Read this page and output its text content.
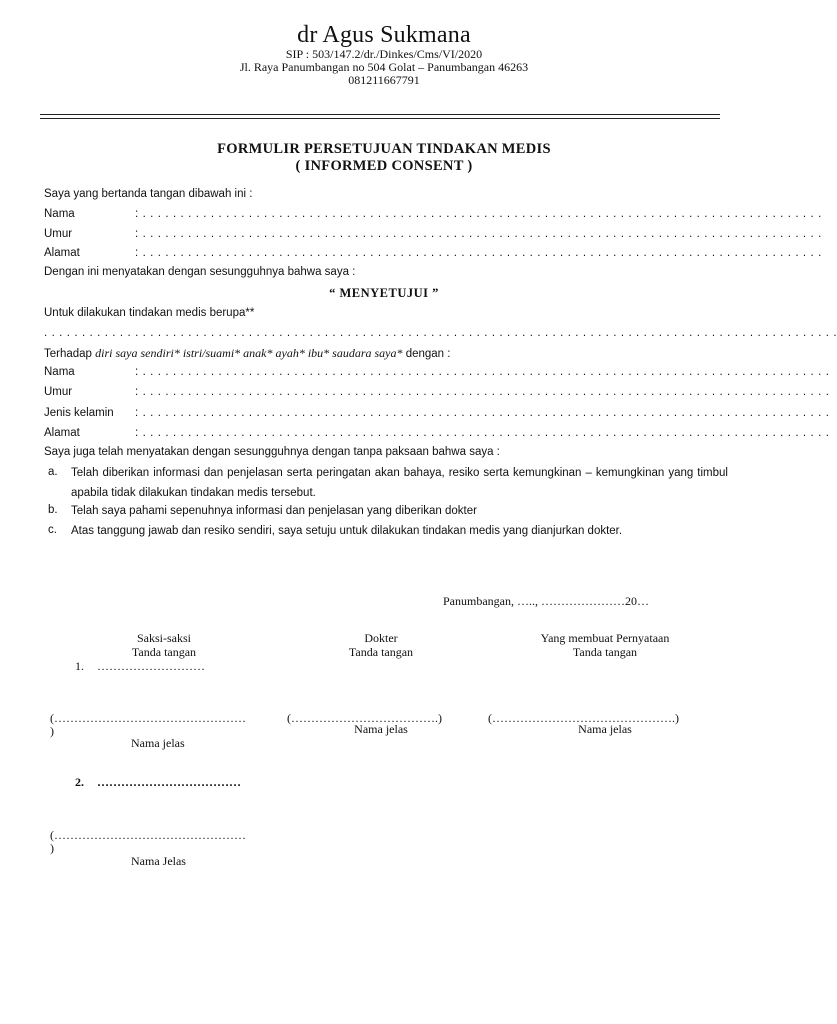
dr Agus Sukmana
SIP : 503/147.2/dr./Dinkes/Cms/VI/2020
Jl. Raya Panumbangan no 504 Golat – Panumbangan 46263
081211667791
FORMULIR PERSETUJUAN TINDAKAN MEDIS
( INFORMED CONSENT )
Saya yang bertanda tangan dibawah ini :
Nama	: . . . . . . . . . . . . . . . . . . . . . . . . . . . . . . . . . . . . . . . . . . . . . . . . . . . . . . . . . . . . . . . . . . . . . . . . . . . . . . . . . . . . . . . . . .
Umur	: . . . . . . . . . . . . . . . . . . . . . . . . . . . . . . . . . . . . . . . . . . . . . . . . . . . . . . . . . . . . . . . . . . . . . . . . . . . . . . . . . . . . . . . . . .
Alamat	: . . . . . . . . . . . . . . . . . . . . . . . . . . . . . . . . . . . . . . . . . . . . . . . . . . . . . . . . . . . . . . . . . . . . . . . . . . . . . . . . . . . . . . . . . .
Dengan ini menyatakan dengan sesungguhnya bahwa saya :
“ MENYETUJUI ”
Untuk dilakukan tindakan medis berupa**
. . . . . . . . . . . . . . . . . . . . . . . . . . . . . . . . . . . . . . . . . . . . . . . . . . . . . . . . . . . . . . . . . . . . . . . . . . . . . . . . . . . . . . . . . . . . . . . . . . . . . . . . .
Terhadap diri saya sendiri* istri/suami* anak* ayah* ibu* saudara saya* dengan :
Nama	: . . . . . . . . . . . . . . . . . . . . . . . . . . . . . . . . . . . . . . . . . . . . . . . . . . . . . . . . . . . . . . . . . . . . . . . . . . . . . . . . . . . . . . . . . . .
Umur	: . . . . . . . . . . . . . . . . . . . . . . . . . . . . . . . . . . . . . . . . . . . . . . . . . . . . . . . . . . . . . . . . . . . . . . . . . . . . . . . . . . . . . . . . . . .
Jenis kelamin : . . . . . . . . . . . . . . . . . . . . . . . . . . . . . . . . . . . . . . . . . . . . . . . . . . . . . . . . . . . . . . . . . . . . . . . . . . . . . . . . . . . . . . . . . . .
Alamat	: . . . . . . . . . . . . . . . . . . . . . . . . . . . . . . . . . . . . . . . . . . . . . . . . . . . . . . . . . . . . . . . . . . . . . . . . . . . . . . . . . . . . . . . . . . .
Saya juga telah menyatakan dengan sesungguhnya dengan tanpa paksaan bahwa saya :
a. Telah diberikan informasi dan penjelasan serta peringatan akan bahaya, resiko serta kemungkinan – kemungkinan yang timbul apabila tidak dilakukan tindakan medis tersebut.
b. Telah saya pahami sepenuhnya informasi dan penjelasan yang diberikan dokter
c. Atas tanggung jawab dan resiko sendiri, saya setuju untuk dilakukan tindakan medis yang dianjurkan dokter.
Panumbangan, ….., …………………20…
Saksi-saksi
Tanda tangan
1. ………………………
(…………………………………………
)
Nama jelas
2. ………………………………
(…………………………………………
)
Nama Jelas
Dokter
Tanda tangan
(……………………………….)
Nama jelas
Yang membuat Pernyataan
Tanda tangan
(……………………………………….)
Nama jelas
